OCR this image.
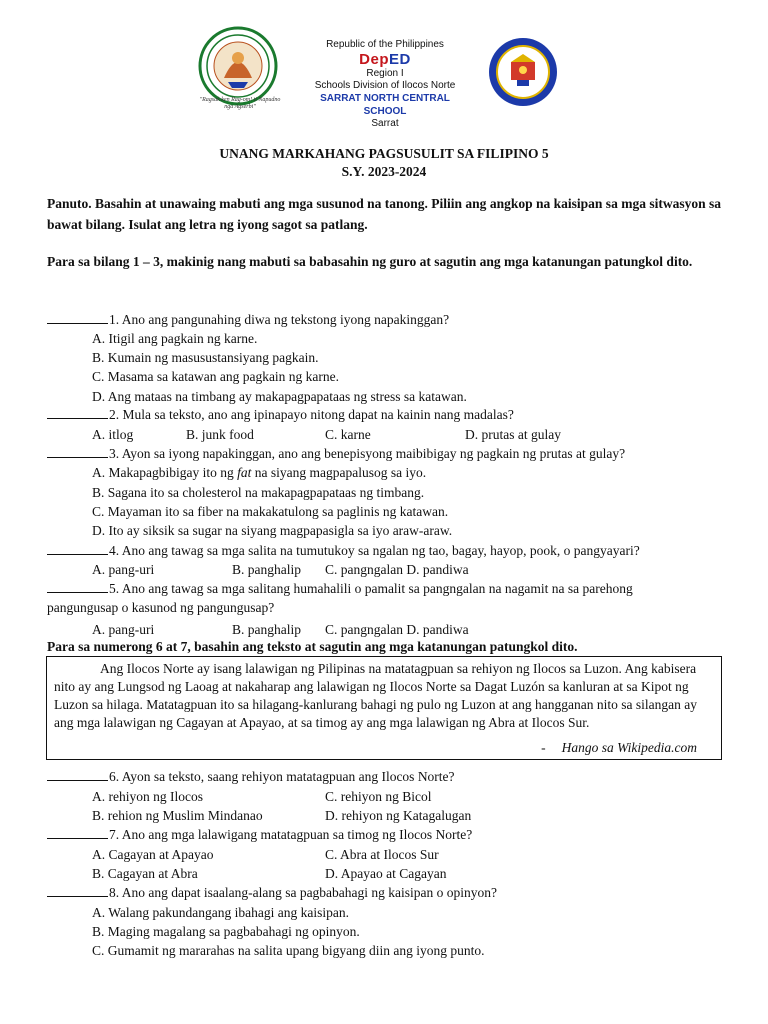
"Ragsak ken Rag-om! ti Napudno nga Agserbi"
Republic of the Philippines
DepED
Region I
Schools Division of Ilocos Norte
SARRAT NORTH CENTRAL SCHOOL
Sarrat
UNANG MARKAHANG PAGSUSULIT SA FILIPINO 5
S.Y. 2023-2024
Panuto. Basahin at unawaing mabuti ang mga susunod na tanong. Piliin ang angkop na kaisipan sa mga sitwasyon sa bawat bilang. Isulat ang letra ng iyong sagot sa patlang.
Para sa bilang 1 – 3, makinig nang mabuti sa babasahin ng guro at sagutin ang mga katanungan patungkol dito.
1. Ano ang pangunahing diwa ng tekstong iyong napakinggan?
A. Itigil ang pagkain ng karne.
B. Kumain ng masusustansiyang pagkain.
C. Masama sa katawan ang pagkain ng karne.
D. Ang mataas na timbang ay makapagpapataas ng stress sa katawan.
2. Mula sa teksto, ano ang ipinapayo nitong dapat na kainin nang madalas?
A. itlog	B. junk food	C. karne	D. prutas at gulay
3. Ayon sa iyong napakinggan, ano ang benepisyong maibibigay ng pagkain ng prutas at gulay?
A. Makapagbibigay ito ng fat na siyang magpapalusog sa iyo.
B. Sagana ito sa cholesterol na makapagpapataas ng timbang.
C. Mayaman ito sa fiber na makakatulong sa paglinis ng katawan.
D. Ito ay siksik sa sugar na siyang magpapasigla sa iyo araw-araw.
4. Ano ang tawag sa mga salita na tumutukoy sa ngalan ng tao, bagay, hayop, pook, o pangyayari?
A. pang-uri	B. panghalip C. pangngalan D. pandiwa
5. Ano ang tawag sa mga salitang humahalili o pamalit sa pangngalan na nagamit na sa parehong
pangungusap o kasunod ng pangungusap?
A. pang-uri	B. panghalip C. pangngalan D. pandiwa
Para sa numerong 6 at 7, basahin ang teksto at sagutin ang mga katanungan patungkol dito.

Ang Ilocos Norte ay isang lalawigan ng Pilipinas na matatagpuan sa rehiyon ng Ilocos sa Luzon. Ang kabisera nito ay ang Lungsod ng Laoag at nakaharap ang lalawigan ng Ilocos Norte sa Dagat Luzón sa kanluran at sa Kipot ng Luzon sa hilaga. Matatagpuan ito sa hilagang-kanlurang bahagi ng pulo ng Luzon at ang hangganan nito sa silangan ay ang mga lalawigan ng Cagayan at Apayao, at sa timog ay ang mga lalawigan ng Abra at Ilocos Sur.

- Hango sa Wikipedia.com
6. Ayon sa teksto, saang rehiyon matatagpuan ang Ilocos Norte?
A. rehiyon ng Ilocos	C. rehiyon ng Bicol
B. rehion ng Muslim Mindanao	D. rehiyon ng Katagalugan
7. Ano ang mga lalawigang matatagpuan sa timog ng Ilocos Norte?
A. Cagayan at Apayao	C. Abra at Ilocos Sur
B. Cagayan at Abra	D. Apayao at Cagayan
8. Ano ang dapat isaalang-alang sa pagbabahagi ng kaisipan o opinyon?
A. Walang pakundangang ibahagi ang kaisipan.
B. Maging magalang sa pagbabahagi ng opinyon.
C. Gumamit ng mararahas na salita upang bigyang diin ang iyong punto.
